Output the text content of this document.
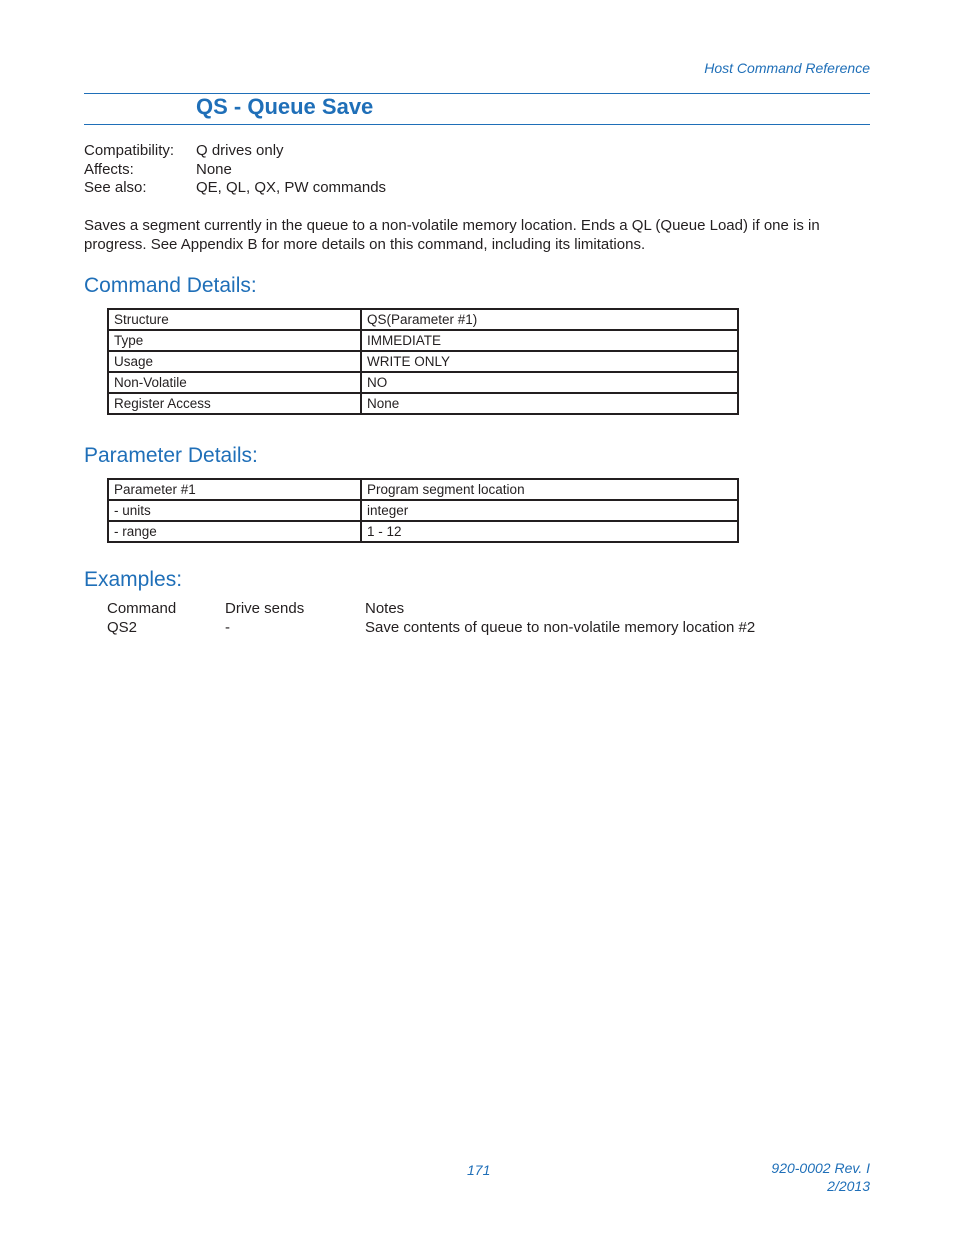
Host Command Reference
QS - Queue Save
Compatibility:	Q drives only
Affects:	None
See also:	QE, QL, QX, PW commands
Saves a segment currently in the queue to a non-volatile memory location. Ends a QL (Queue Load) if one is in progress. See Appendix B for more details on this command, including its limitations.
Command Details:
Structure	QS(Parameter #1)
Type	IMMEDIATE
Usage	WRITE ONLY
Non-Volatile	NO
Register Access	None
Parameter Details:
Parameter #1	Program segment location
- units	integer
- range	1 - 12
Examples:
Command	Drive sends	Notes
QS2	-	Save contents of queue to non-volatile memory location #2
171	920-0002 Rev. I
2/2013
